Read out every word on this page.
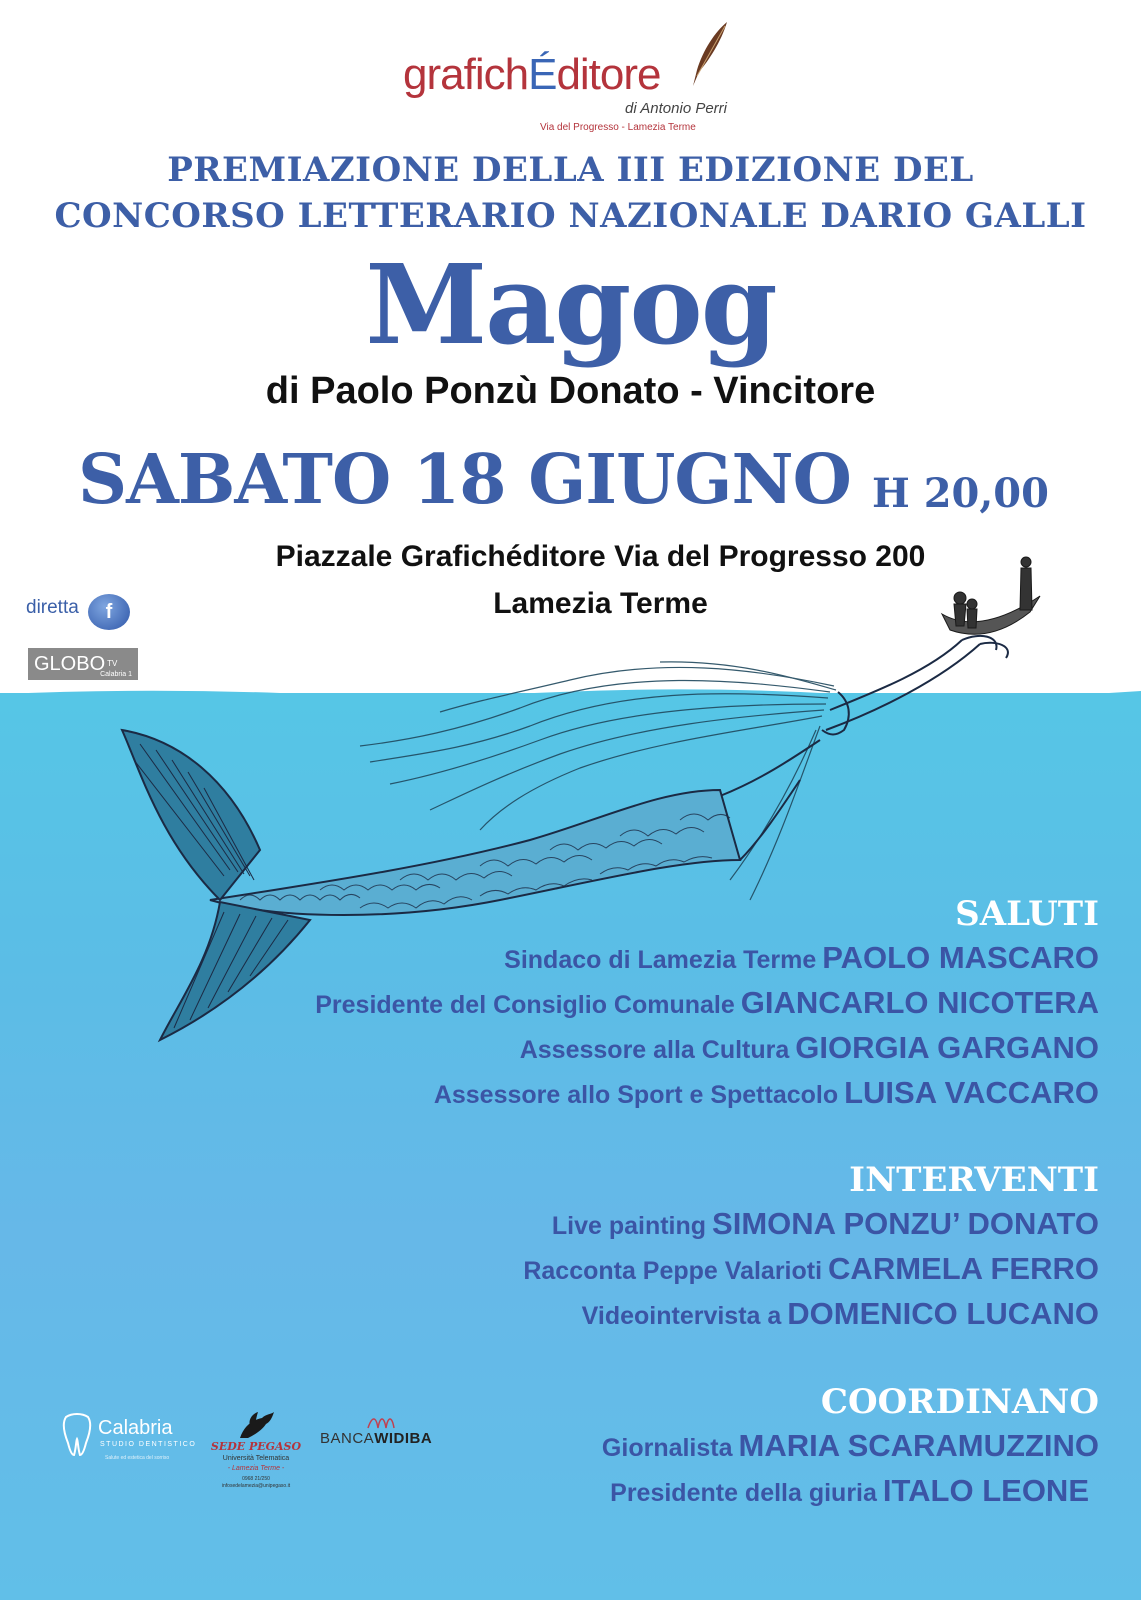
grafichÉditore
di Antonio Perri
Via del Progresso - Lamezia Terme
PREMIAZIONE DELLA III EDIZIONE DEL
CONCORSO LETTERARIO NAZIONALE DARIO GALLI
Magog
di Paolo Ponzù Donato - Vincitore
SABATO 18 GIUGNO H 20,00
Piazzale Grafichéditore Via del Progresso 200
Lamezia Terme
diretta	f
GLOBO $^{TV}$
Calabria 1
SALUTI
Sindaco di Lamezia Terme PAOLO MASCARO
Presidente del Consiglio Comunale GIANCARLO NICOTERA
Assessore alla Cultura GIORGIA GARGANO
Assessore allo Sport e Spettacolo LUISA VACCARO
INTERVENTI
Live painting SIMONA PONZU’ DONATO
Racconta Peppe Valarioti CARMELA FERRO
Videointervista a DOMENICO LUCANO
COORDINANO
Giornalista MARIA SCARAMUZZINO
Presidente della giuria ITALO LEONE
Calabria
STUDIO DENTISTICO
Salute ed estetica del sorriso
SEDE PEGASO
Università Telematica
- Lamezia Terme -
0968 21/250
infosedelamezia@unipegaso.it
BANCAWIDIBA
